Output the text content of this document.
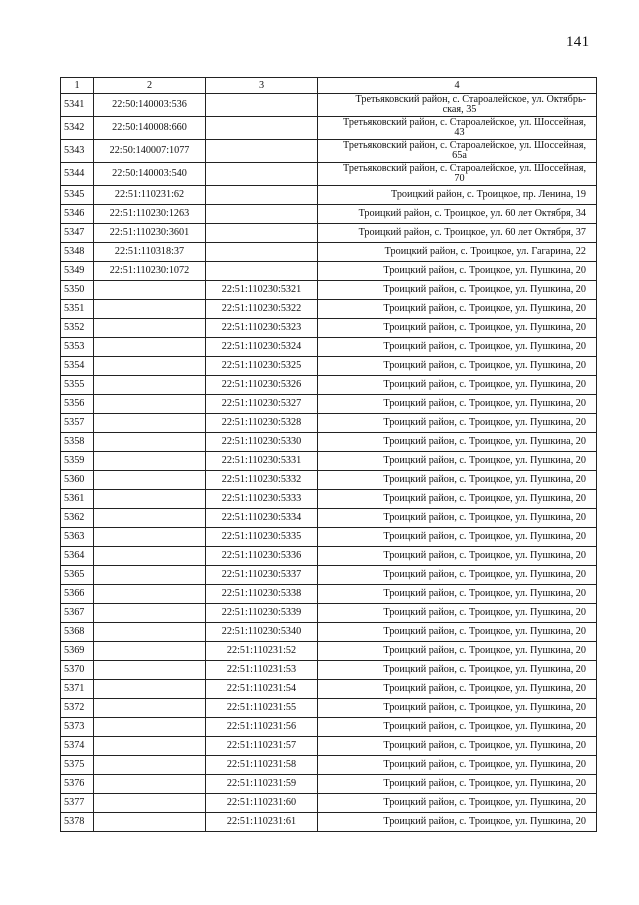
141
1	2	3	4
5341	22:50:140003:536		Третьяковский район, с. Староалейское, ул. Октябрь-
ская, 35

5342	22:50:140008:660		Третьяковский район, с. Староалейское, ул. Шоссейная,
43

5343	22:50:140007:1077		Третьяковский район, с. Староалейское, ул. Шоссейная,
65а

5344	22:50:140003:540		Третьяковский район, с. Староалейское, ул. Шоссейная,
70

5345	22:51:110231:62		Троицкий район, с. Троицкое, пр. Ленина, 19
5346	22:51:110230:1263		Троицкий район, с. Троицкое, ул. 60 лет Октября, 34
5347	22:51:110230:3601		Троицкий район, с. Троицкое, ул. 60 лет Октября, 37
5348	22:51:110318:37		Троицкий район, с. Троицкое, ул. Гагарина, 22
5349	22:51:110230:1072		Троицкий район, с. Троицкое, ул. Пушкина, 20
5350		22:51:110230:5321	Троицкий район, с. Троицкое, ул. Пушкина, 20
5351		22:51:110230:5322	Троицкий район, с. Троицкое, ул. Пушкина, 20
5352		22:51:110230:5323	Троицкий район, с. Троицкое, ул. Пушкина, 20
5353		22:51:110230:5324	Троицкий район, с. Троицкое, ул. Пушкина, 20
5354		22:51:110230:5325	Троицкий район, с. Троицкое, ул. Пушкина, 20
5355		22:51:110230:5326	Троицкий район, с. Троицкое, ул. Пушкина, 20
5356		22:51:110230:5327	Троицкий район, с. Троицкое, ул. Пушкина, 20
5357		22:51:110230:5328	Троицкий район, с. Троицкое, ул. Пушкина, 20
5358		22:51:110230:5330	Троицкий район, с. Троицкое, ул. Пушкина, 20
5359		22:51:110230:5331	Троицкий район, с. Троицкое, ул. Пушкина, 20
5360		22:51:110230:5332	Троицкий район, с. Троицкое, ул. Пушкина, 20
5361		22:51:110230:5333	Троицкий район, с. Троицкое, ул. Пушкина, 20
5362		22:51:110230:5334	Троицкий район, с. Троицкое, ул. Пушкина, 20
5363		22:51:110230:5335	Троицкий район, с. Троицкое, ул. Пушкина, 20
5364		22:51:110230:5336	Троицкий район, с. Троицкое, ул. Пушкина, 20
5365		22:51:110230:5337	Троицкий район, с. Троицкое, ул. Пушкина, 20
5366		22:51:110230:5338	Троицкий район, с. Троицкое, ул. Пушкина, 20
5367		22:51:110230:5339	Троицкий район, с. Троицкое, ул. Пушкина, 20
5368		22:51:110230:5340	Троицкий район, с. Троицкое, ул. Пушкина, 20
5369		22:51:110231:52	Троицкий район, с. Троицкое, ул. Пушкина, 20
5370		22:51:110231:53	Троицкий район, с. Троицкое, ул. Пушкина, 20
5371		22:51:110231:54	Троицкий район, с. Троицкое, ул. Пушкина, 20
5372		22:51:110231:55	Троицкий район, с. Троицкое, ул. Пушкина, 20
5373		22:51:110231:56	Троицкий район, с. Троицкое, ул. Пушкина, 20
5374		22:51:110231:57	Троицкий район, с. Троицкое, ул. Пушкина, 20
5375		22:51:110231:58	Троицкий район, с. Троицкое, ул. Пушкина, 20
5376		22:51:110231:59	Троицкий район, с. Троицкое, ул. Пушкина, 20
5377		22:51:110231:60	Троицкий район, с. Троицкое, ул. Пушкина, 20
5378		22:51:110231:61	Троицкий район, с. Троицкое, ул. Пушкина, 20
